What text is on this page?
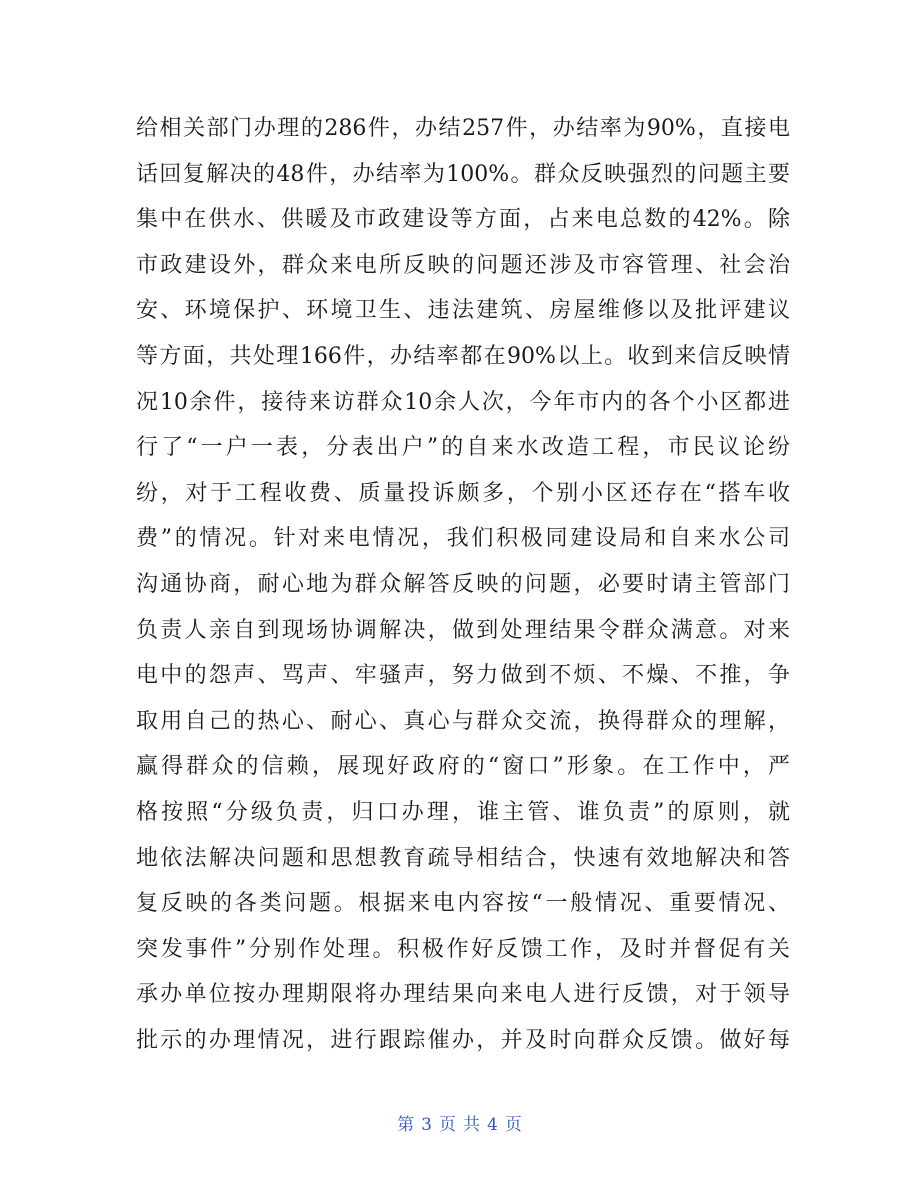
给相关部门办理的286件，办结257件，办结率为90%，直接电
话回复解决的48件，办结率为100%。群众反映强烈的问题主要
集中在供水、供暖及市政建设等方面，占来电总数的42%。除
市政建设外，群众来电所反映的问题还涉及市容管理、社会治
安、环境保护、环境卫生、违法建筑、房屋维修以及批评建议
等方面，共处理166件，办结率都在90%以上。收到来信反映情
况10余件，接待来访群众10余人次，今年市内的各个小区都进
行了“一户一表，分表出户”的自来水改造工程，市民议论纷
纷，对于工程收费、质量投诉颇多，个别小区还存在“搭车收
费”的情况。针对来电情况，我们积极同建设局和自来水公司
沟通协商，耐心地为群众解答反映的问题，必要时请主管部门
负责人亲自到现场协调解决，做到处理结果令群众满意。对来
电中的怨声、骂声、牢骚声，努力做到不烦、不燥、不推，争
取用自己的热心、耐心、真心与群众交流，换得群众的理解，
赢得群众的信赖，展现好政府的“窗口”形象。在工作中，严
格按照“分级负责，归口办理，谁主管、谁负责”的原则，就
地依法解决问题和思想教育疏导相结合，快速有效地解决和答
复反映的各类问题。根据来电内容按“一般情况、重要情况、
突发事件”分别作处理。积极作好反馈工作，及时并督促有关
承办单位按办理期限将办理结果向来电人进行反馈，对于领导
批示的办理情况，进行跟踪催办，并及时向群众反馈。做好每
第 3 页 共 4 页
